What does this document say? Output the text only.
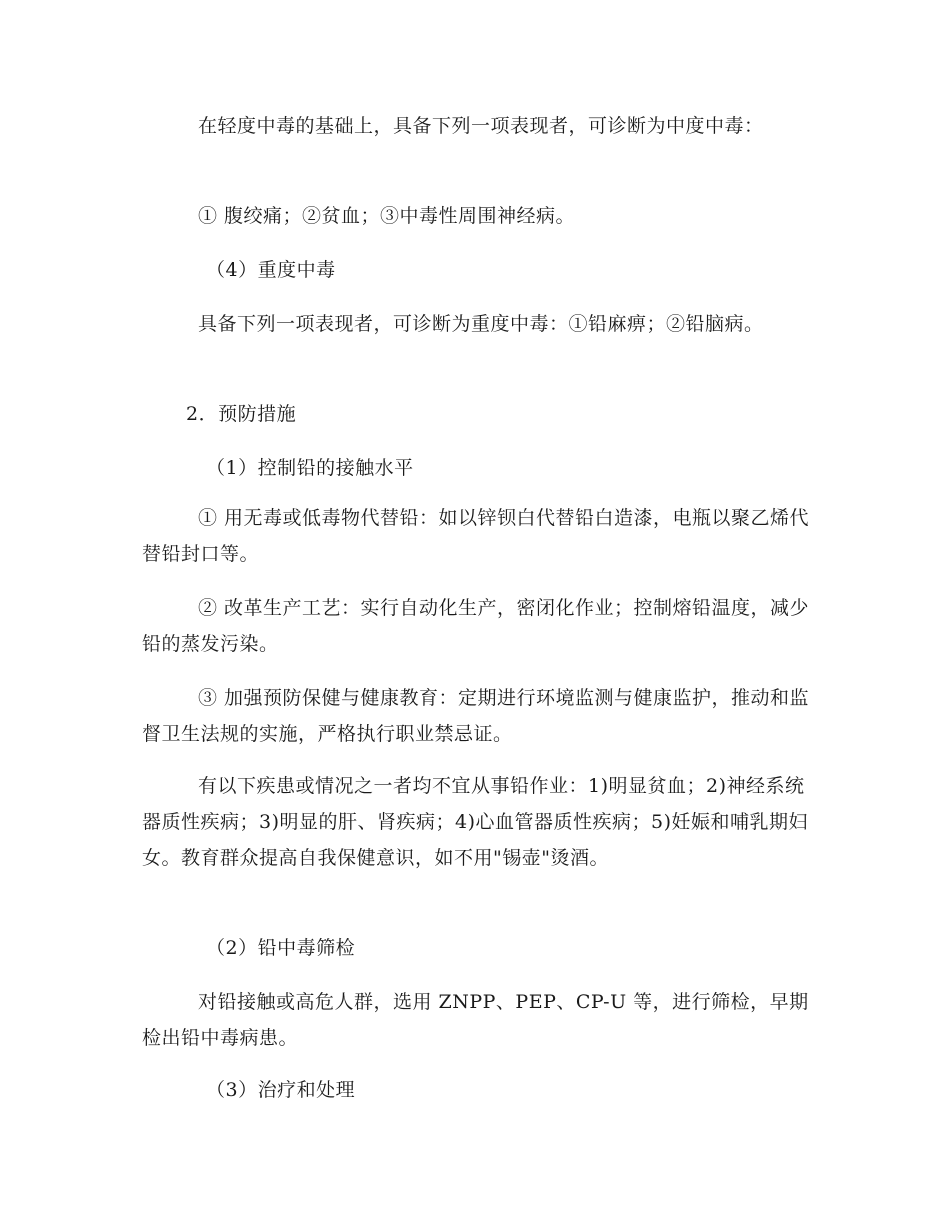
在轻度中毒的基础上，具备下列一项表现者，可诊断为中度中毒：

① 腹绞痛；②贫血；③中毒性周围神经病。

（4）重度中毒

具备下列一项表现者，可诊断为重度中毒：①铅麻痹；②铅脑病。

2．预防措施

（1）控制铅的接触水平

① 用无毒或低毒物代替铅：如以锌钡白代替铅白造漆，电瓶以聚乙烯代替铅封口等。

② 改革生产工艺：实行自动化生产，密闭化作业；控制熔铅温度，减少铅的蒸发污染。

③ 加强预防保健与健康教育：定期进行环境监测与健康监护，推动和监督卫生法规的实施，严格执行职业禁忌证。

有以下疾患或情况之一者均不宜从事铅作业：1)明显贫血；2)神经系统器质性疾病；3)明显的肝、肾疾病；4)心血管器质性疾病；5)妊娠和哺乳期妇女。教育群众提高自我保健意识，如不用"锡壶"烫酒。

（2）铅中毒筛检

对铅接触或高危人群，选用 ZNPP、PEP、CP-U 等，进行筛检，早期检出铅中毒病患。

（3）治疗和处理
